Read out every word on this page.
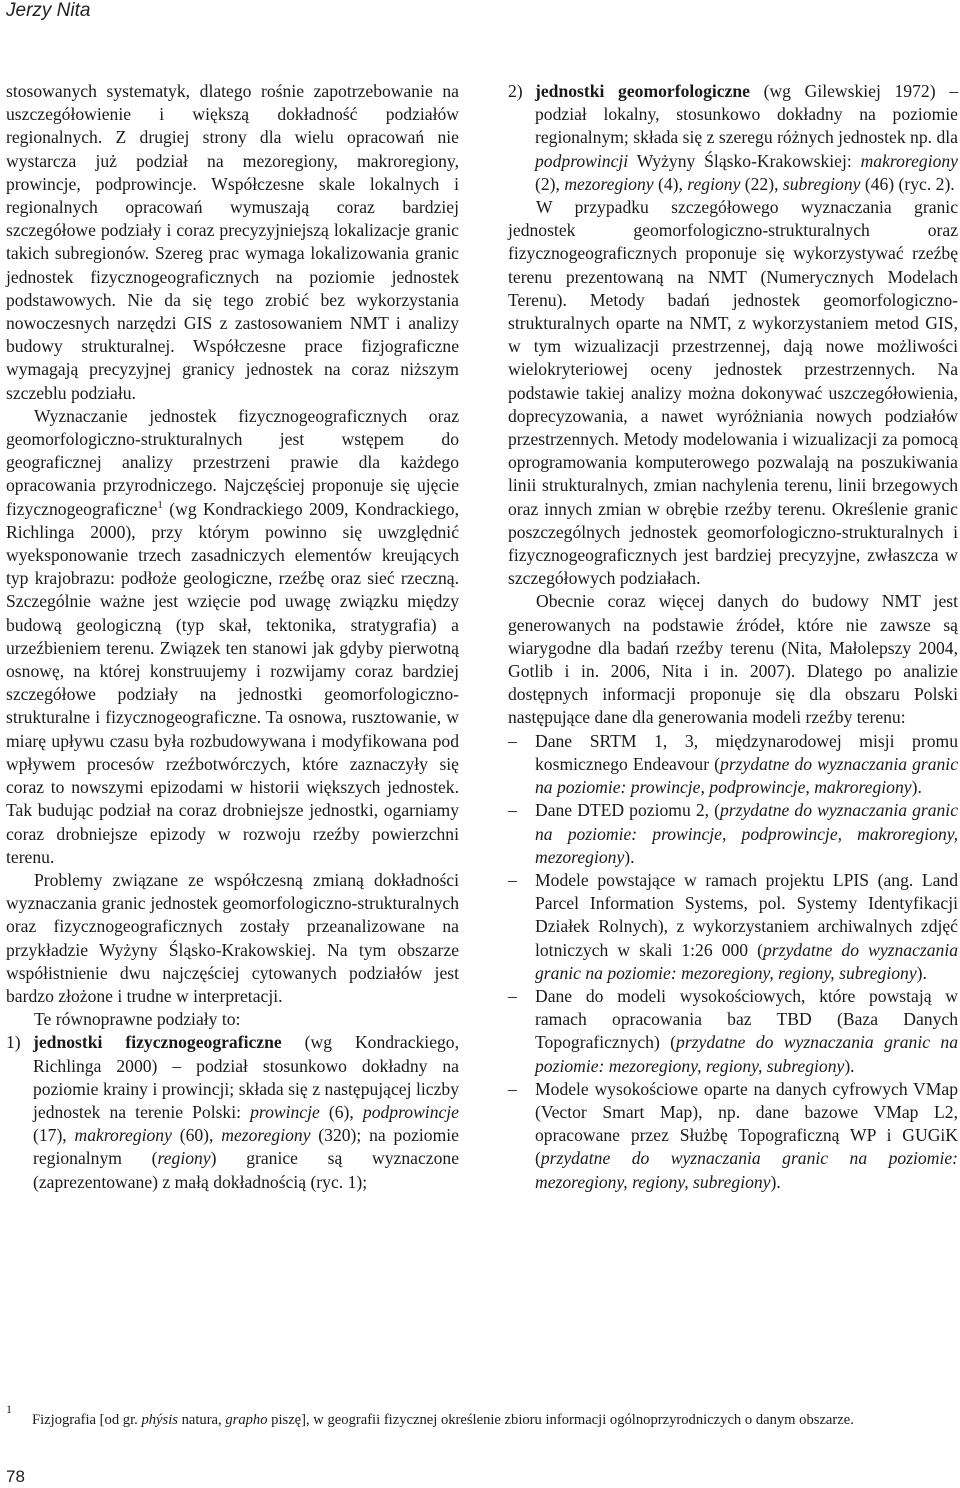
Jerzy Nita

stosowanych systematyk, dlatego rośnie zapotrzebowanie na uszczegółowienie i większą dokładność podziałów regionalnych. Z drugiej strony dla wielu opracowań nie wystarcza już podział na mezoregiony, makroregiony, prowincje, podprowincje. Współczesne skale lokalnych i regionalnych opracowań wymuszają coraz bardziej szczegółowe podziały i coraz precyzyjniejszą lokalizacje granic takich subregionów. Szereg prac wymaga lokalizowania granic jednostek fizycznogeograficznych na poziomie jednostek podstawowych. Nie da się tego zrobić bez wykorzystania nowoczesnych narzędzi GIS z zastosowaniem NMT i analizy budowy strukturalnej. Współczesne prace fizjograficzne wymagają precyzyjnej granicy jednostek na coraz niższym szczeblu podziału.

Wyznaczanie jednostek fizycznogeograficznych oraz geomorfologiczno-strukturalnych jest wstępem do geograficznej analizy przestrzeni prawie dla każdego opracowania przyrodniczego. Najczęściej proponuje się ujęcie fizycznogeograficzne$^1$ (wg Kondrackiego 2009, Kondrackiego, Richlinga 2000), przy którym powinno się uwzględnić wyeksponowanie trzech zasadniczych elementów kreujących typ krajobrazu: podłoże geologiczne, rzeźbę oraz sieć rzeczną. Szczególnie ważne jest wzięcie pod uwagę związku między budową geologiczną (typ skał, tektonika, stratygrafia) a urzeźbieniem terenu. Związek ten stanowi jak gdyby pierwotną osnowę, na której konstruujemy i rozwijamy coraz bardziej szczegółowe podziały na jednostki geomorfologiczno-strukturalne i fizycznogeograficzne. Ta osnowa, rusztowanie, w miarę upływu czasu była rozbudowywana i modyfikowana pod wpływem procesów rzeźbotwórczych, które zaznaczyły się coraz to nowszymi epizodami w historii większych jednostek. Tak budując podział na coraz drobniejsze jednostki, ogarniamy coraz drobniejsze epizody w rozwoju rzeźby powierzchni terenu.

Problemy związane ze współczesną zmianą dokładności wyznaczania granic jednostek geomorfologiczno-strukturalnych oraz fizycznogeograficznych zostały przeanalizowane na przykładzie Wyżyny Śląsko-Krakowskiej. Na tym obszarze współistnienie dwu najczęściej cytowanych podziałów jest bardzo złożone i trudne w interpretacji.

Te równoprawne podziały to:

1) jednostki fizycznogeograficzne (wg Kondrackiego, Richlinga 2000) – podział stosunkowo dokładny na poziomie krainy i prowincji; składa się z następującej liczby jednostek na terenie Polski: prowincje (6), podprowincje (17), makroregiony (60), mezoregiony (320); na poziomie regionalnym (regiony) granice są wyznaczone (zaprezentowane) z małą dokładnością (ryc. 1);

2) jednostki geomorfologiczne (wg Gilewskiej 1972) – podział lokalny, stosunkowo dokładny na poziomie regionalnym; składa się z szeregu różnych jednostek np. dla podprowincji Wyżyny Śląsko-Krakowskiej: makroregiony (2), mezoregiony (4), regiony (22), subregiony (46) (ryc. 2).

W przypadku szczegółowego wyznaczania granic jednostek geomorfologiczno-strukturalnych oraz fizycznogeograficznych proponuje się wykorzystywać rzeźbę terenu prezentowaną na NMT (Numerycznych Modelach Terenu). Metody badań jednostek geomorfologiczno-strukturalnych oparte na NMT, z wykorzystaniem metod GIS, w tym wizualizacji przestrzennej, dają nowe możliwości wielokryteriowej oceny jednostek przestrzennych. Na podstawie takiej analizy można dokonywać uszczegółowienia, doprecyzowania, a nawet wyróżniania nowych podziałów przestrzennych. Metody modelowania i wizualizacji za pomocą oprogramowania komputerowego pozwalają na poszukiwania linii strukturalnych, zmian nachylenia terenu, linii brzegowych oraz innych zmian w obrębie rzeźby terenu. Określenie granic poszczególnych jednostek geomorfologiczno-strukturalnych i fizycznogeograficznych jest bardziej precyzyjne, zwłaszcza w szczegółowych podziałach.

Obecnie coraz więcej danych do budowy NMT jest generowanych na podstawie źródeł, które nie zawsze są wiarygodne dla badań rzeźby terenu (Nita, Małolepszy 2004, Gotlib i in. 2006, Nita i in. 2007). Dlatego po analizie dostępnych informacji proponuje się dla obszaru Polski następujące dane dla generowania modeli rzeźby terenu:

– Dane SRTM 1, 3, międzynarodowej misji promu kosmicznego Endeavour (przydatne do wyznaczania granic na poziomie: prowincje, podprowincje, makroregiony).

– Dane DTED poziomu 2, (przydatne do wyznaczania granic na poziomie: prowincje, podprowincje, makroregiony, mezoregiony).

– Modele powstające w ramach projektu LPIS (ang. Land Parcel Information Systems, pol. Systemy Identyfikacji Działek Rolnych), z wykorzystaniem archiwalnych zdjęć lotniczych w skali 1:26 000 (przydatne do wyznaczania granic na poziomie: mezoregiony, regiony, subregiony).

– Dane do modeli wysokościowych, które powstają w ramach opracowania baz TBD (Baza Danych Topograficznych) (przydatne do wyznaczania granic na poziomie: mezoregiony, regiony, subregiony).

– Modele wysokościowe oparte na danych cyfrowych VMap (Vector Smart Map), np. dane bazowe VMap L2, opracowane przez Służbę Topograficzną WP i GUGiK (przydatne do wyznaczania granic na poziomie: mezoregiony, regiony, subregiony).

1
Fizjografia [od gr. phýsis natura, grapho piszę], w geografii fizycznej określenie zbioru informacji ogólnoprzyrodniczych o danym obszarze.
78
